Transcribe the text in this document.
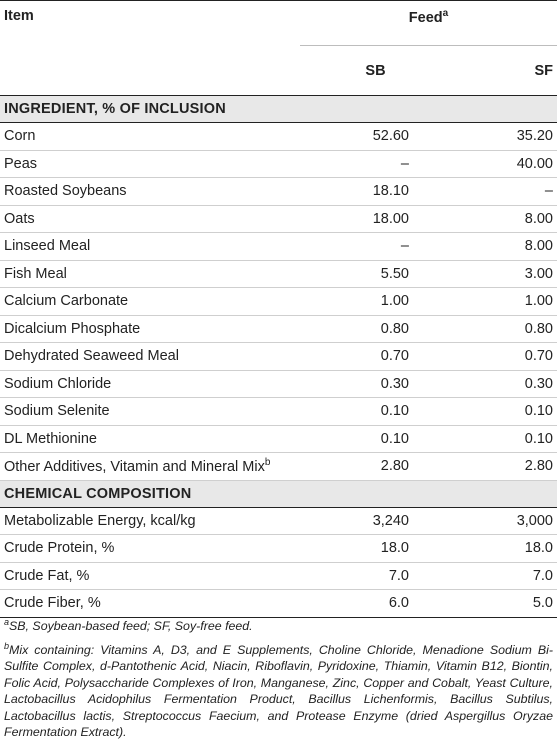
Item	Feed$^a$
	SB	SF
INGREDIENT, % OF INCLUSION		
Corn	52.60	35.20
Peas	–	40.00
Roasted Soybeans	18.10	–
Oats	18.00	8.00
Linseed Meal	–	8.00
Fish Meal	5.50	3.00
Calcium Carbonate	1.00	1.00
Dicalcium Phosphate	0.80	0.80
Dehydrated Seaweed Meal	0.70	0.70
Sodium Chloride	0.30	0.30
Sodium Selenite	0.10	0.10
DL Methionine	0.10	0.10
Other Additives, Vitamin and Mineral Mix$^b$	2.80	2.80
CHEMICAL COMPOSITION		
Metabolizable Energy, kcal/kg	3,240	3,000
Crude Protein, %	18.0	18.0
Crude Fat, %	7.0	7.0
Crude Fiber, %	6.0	5.0

$^a$SB, Soybean-based feed; SF, Soy-free feed.

$^b$Mix containing: Vitamins A, D3, and E Supplements, Choline Chloride, Menadione Sodium Bi-Sulfite Complex, d-Pantothenic Acid, Niacin, Riboflavin, Pyridoxine, Thiamin, Vitamin B12, Biontin, Folic Acid, Polysaccharide Complexes of Iron, Manganese, Zinc, Copper and Cobalt, Yeast Culture, Lactobacillus Acidophilus Fermentation Product, Bacillus Lichenformis, Bacillus Subtilus, Lactobacillus lactis, Streptococcus Faecium, and Protease Enzyme (dried Aspergillus Oryzae Fermentation Extract).
